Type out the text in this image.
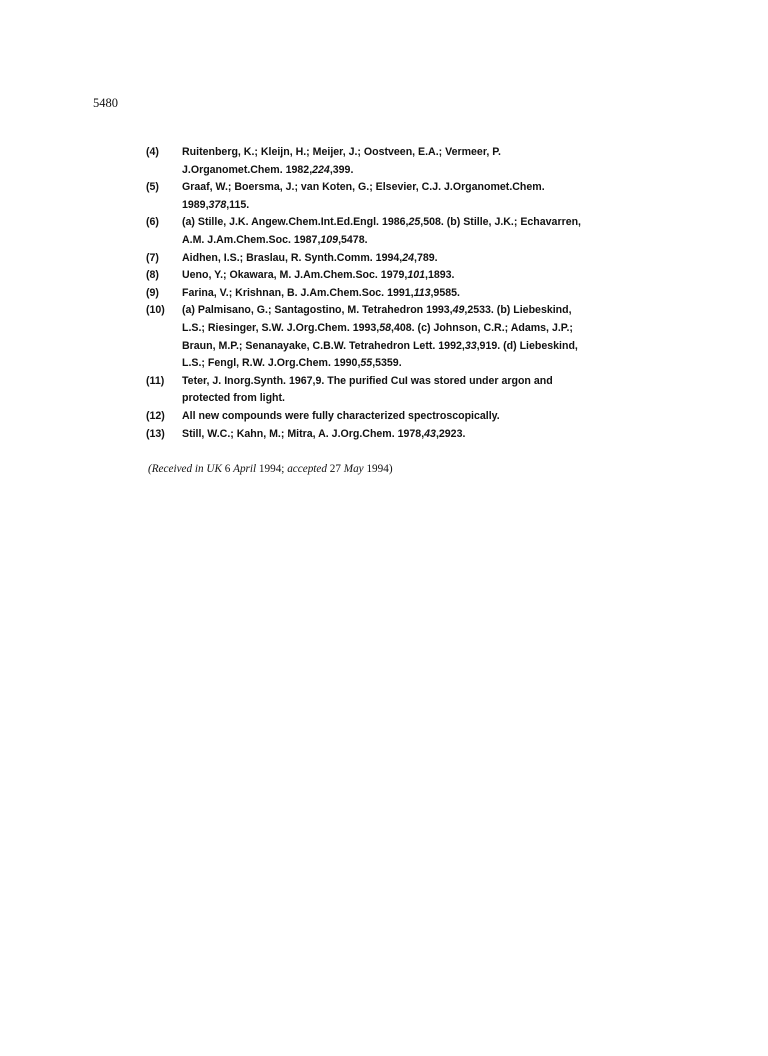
5480
(4)	Ruitenberg, K.; Kleijn, H.; Meijer, J.; Oostveen, E.A.; Vermeer, P.
J.Organomet.Chem. 1982,224,399.
(5)	Graaf, W.; Boersma, J.; van Koten, G.; Elsevier, C.J. J.Organomet.Chem.
1989,378,115.
(6)	(a) Stille, J.K. Angew.Chem.Int.Ed.Engl. 1986,25,508. (b) Stille, J.K.; Echavarren,
A.M. J.Am.Chem.Soc. 1987,109,5478.
(7)	Aidhen, I.S.; Braslau, R. Synth.Comm. 1994,24,789.
(8)	Ueno, Y.; Okawara, M. J.Am.Chem.Soc. 1979,101,1893.
(9)	Farina, V.; Krishnan, B. J.Am.Chem.Soc. 1991,113,9585.
(10)	(a) Palmisano, G.; Santagostino, M. Tetrahedron 1993,49,2533. (b) Liebeskind,
L.S.; Riesinger, S.W. J.Org.Chem. 1993,58,408. (c) Johnson, C.R.; Adams, J.P.;
Braun, M.P.; Senanayake, C.B.W. Tetrahedron Lett. 1992,33,919. (d) Liebeskind,
L.S.; Fengl, R.W. J.Org.Chem. 1990,55,5359.
(11)	Teter, J. Inorg.Synth. 1967,9. The purified CuI was stored under argon and
protected from light.
(12)	All new compounds were fully characterized spectroscopically.
(13)	Still, W.C.; Kahn, M.; Mitra, A. J.Org.Chem. 1978,43,2923.
(Received in UK 6 April 1994; accepted 27 May 1994)
